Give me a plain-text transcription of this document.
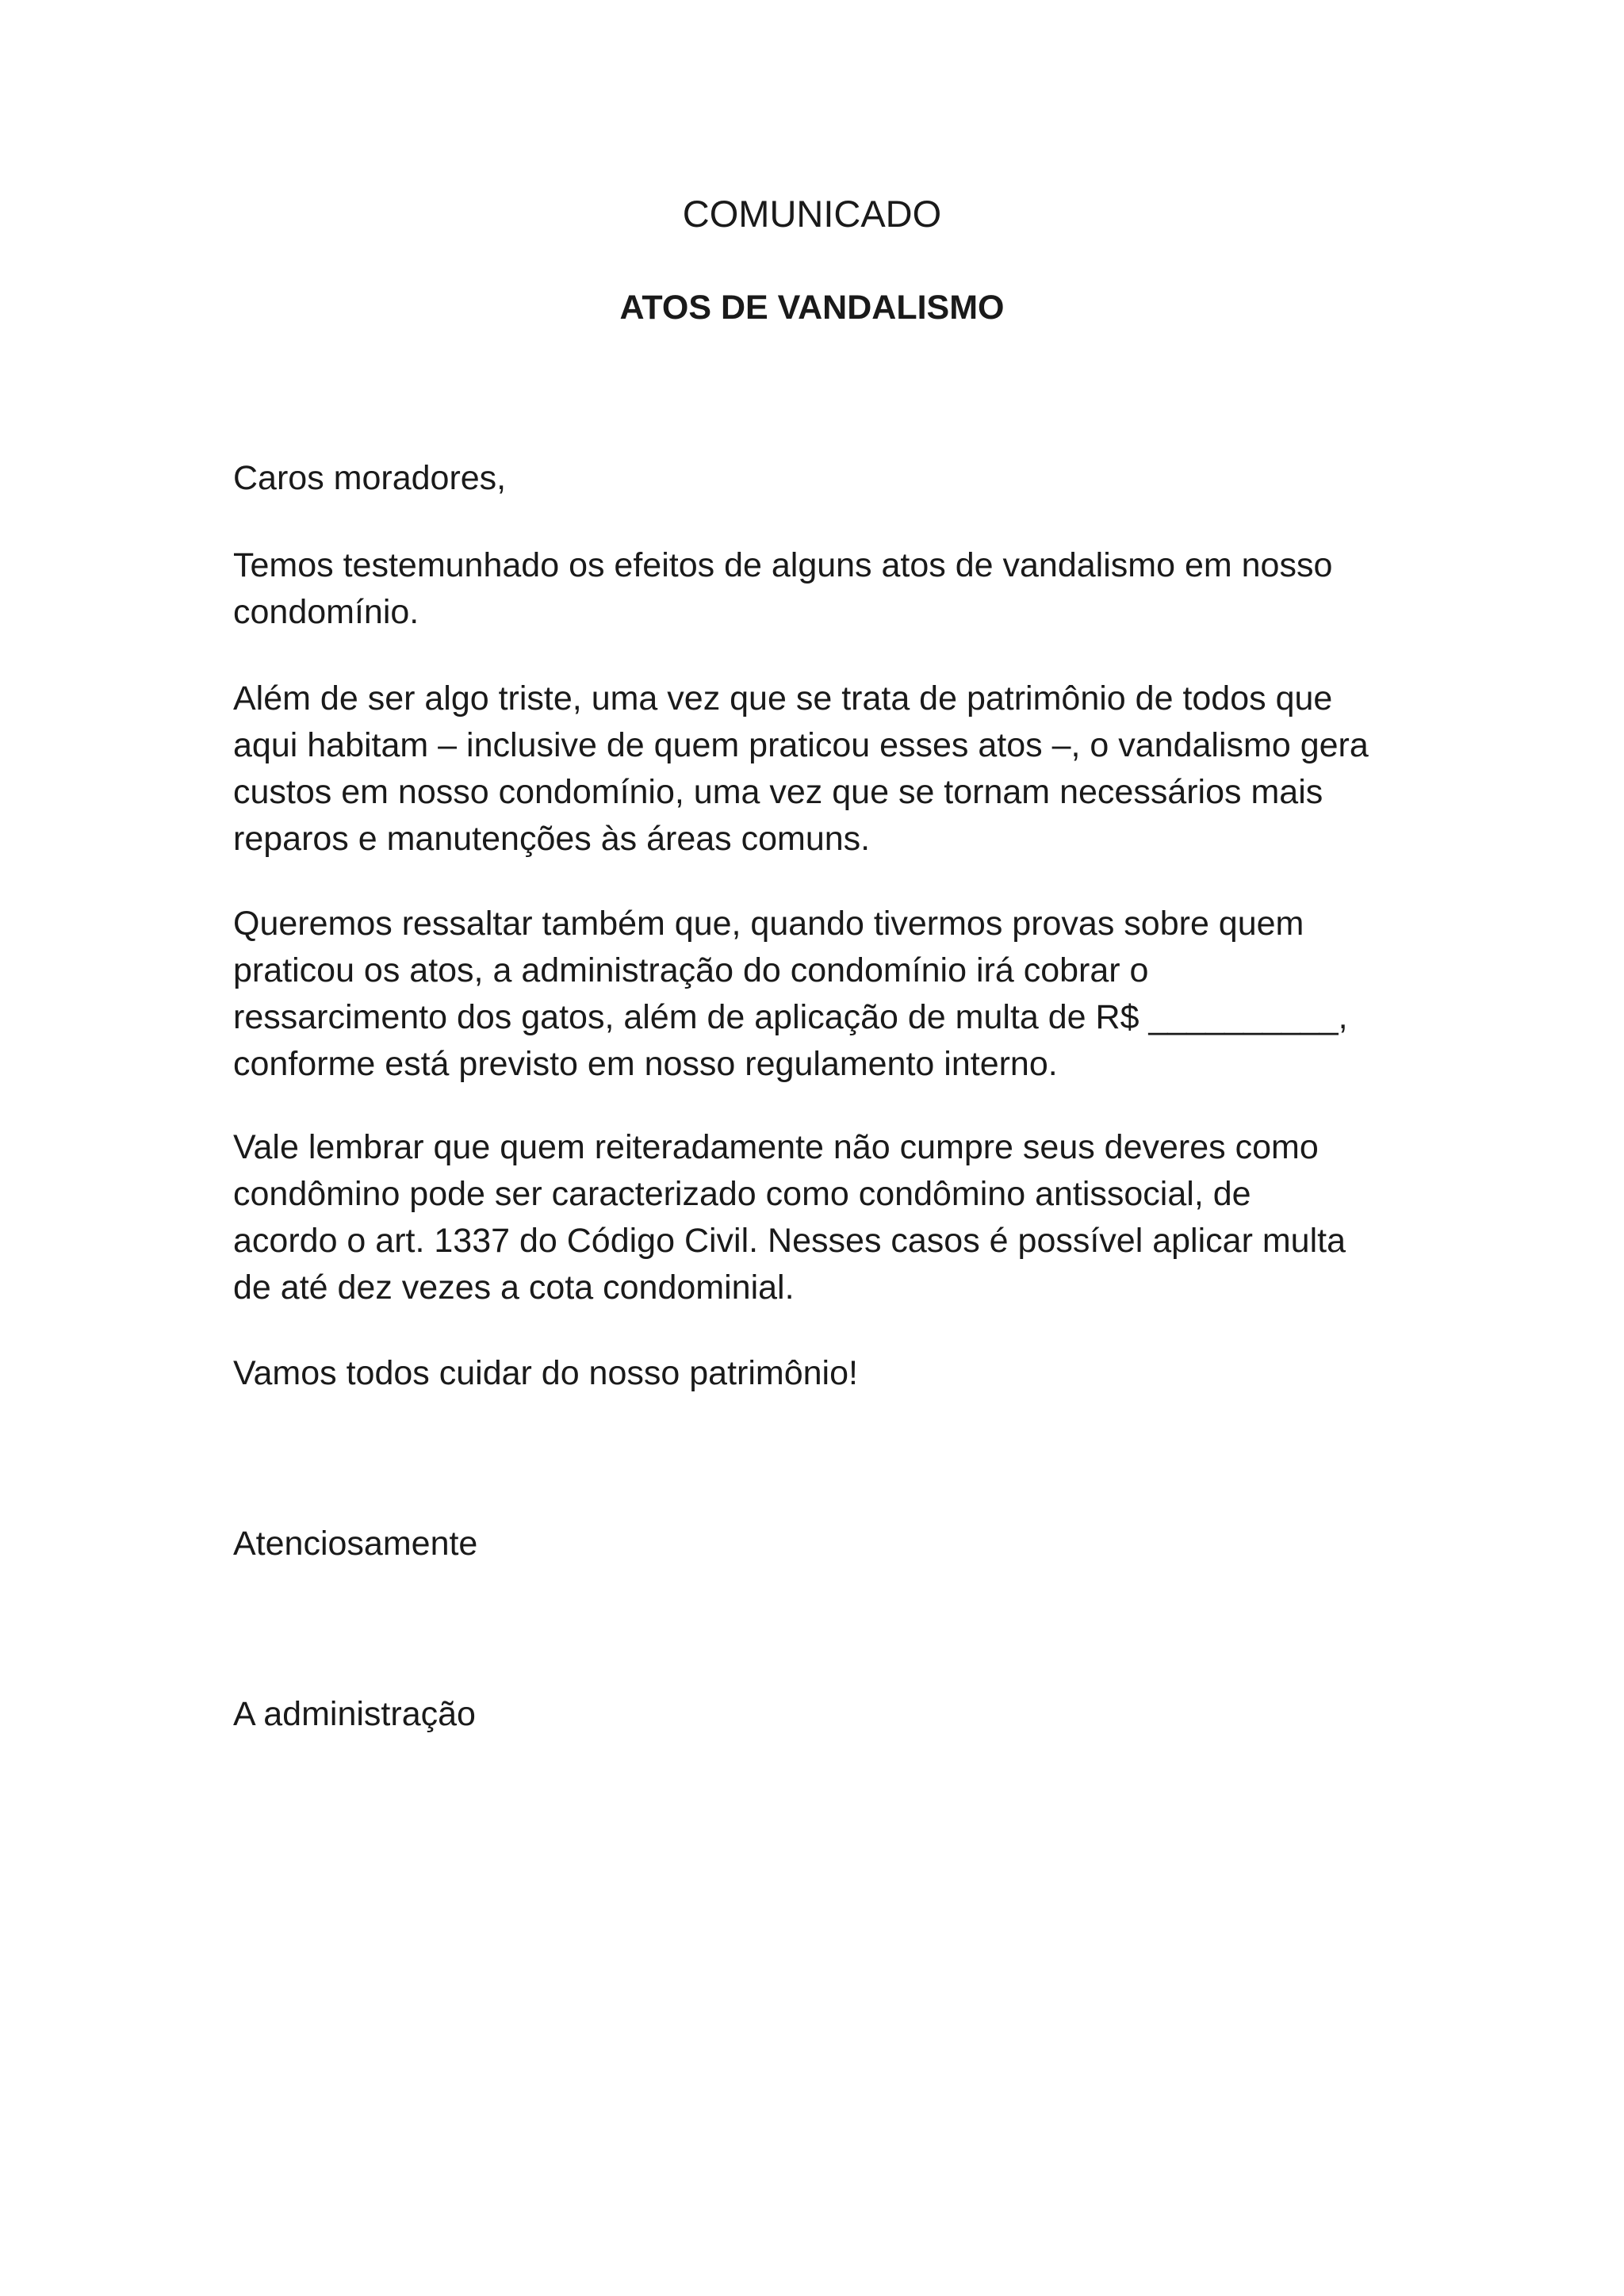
COMUNICADO
ATOS DE VANDALISMO

Caros moradores,

Temos testemunhado os efeitos de alguns atos de vandalismo em nosso
condomínio.

Além de ser algo triste, uma vez que se trata de patrimônio de todos que
aqui habitam – inclusive de quem praticou esses atos –, o vandalismo gera
custos em nosso condomínio, uma vez que se tornam necessários mais
reparos e manutenções às áreas comuns.

Queremos ressaltar também que, quando tivermos provas sobre quem
praticou os atos, a administração do condomínio irá cobrar o
ressarcimento dos gatos, além de aplicação de multa de R$ __________,
conforme está previsto em nosso regulamento interno.

Vale lembrar que quem reiteradamente não cumpre seus deveres como
condômino pode ser caracterizado como condômino antissocial, de
acordo o art. 1337 do Código Civil. Nesses casos é possível aplicar multa
de até dez vezes a cota condominial.

Vamos todos cuidar do nosso patrimônio!

Atenciosamente

A administração
